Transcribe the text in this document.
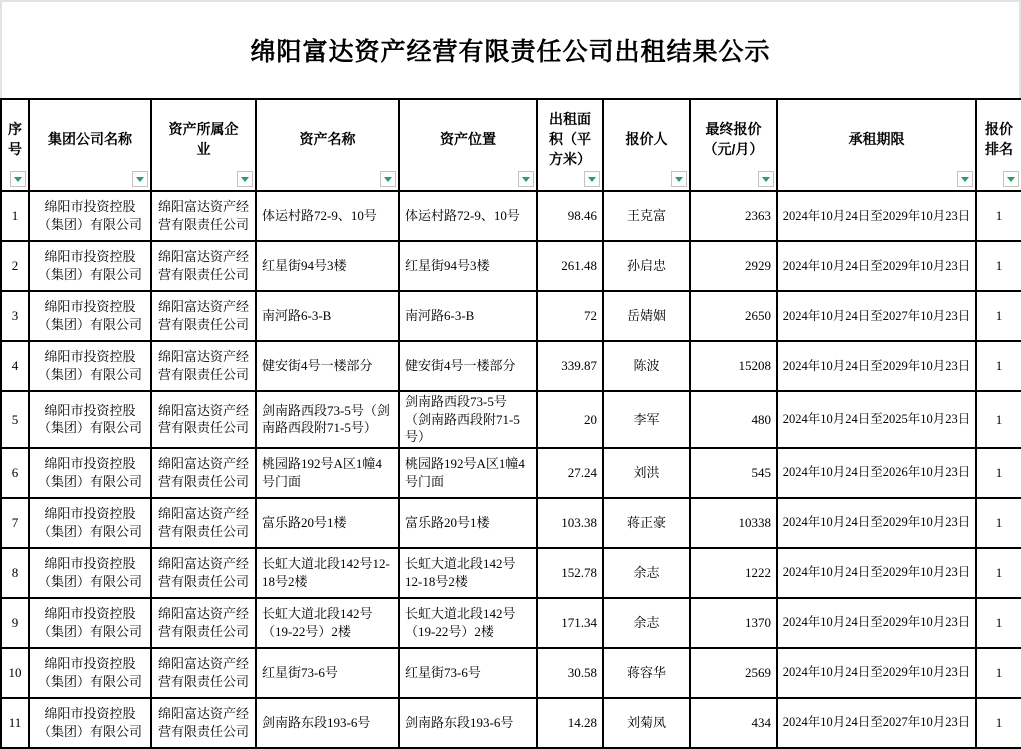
绵阳富达资产经营有限责任公司出租结果公示
序号	集团公司名称	资产所属企业	资产名称	资产位置	出租面积（平方米）	报价人	最终报价（元/月）	承租期限	报价排名

1	绵阳市投资控股（集团）有限公司	绵阳富达资产经营有限责任公司	体运村路72-9、10号	体运村路72-9、10号	98.46	王克富	2363	2024年10月24日至2029年10月23日	1
2	绵阳市投资控股（集团）有限公司	绵阳富达资产经营有限责任公司	红星街94号3楼	红星街94号3楼	261.48	孙启忠	2929	2024年10月24日至2029年10月23日	1
3	绵阳市投资控股（集团）有限公司	绵阳富达资产经营有限责任公司	南河路6-3-B	南河路6-3-B	72	岳婧姻	2650	2024年10月24日至2027年10月23日	1
4	绵阳市投资控股（集团）有限公司	绵阳富达资产经营有限责任公司	健安街4号一楼部分	健安街4号一楼部分	339.87	陈波	15208	2024年10月24日至2029年10月23日	1
5	绵阳市投资控股（集团）有限公司	绵阳富达资产经营有限责任公司	剑南路西段73-5号（剑南路西段附71-5号）	剑南路西段73-5号（剑南路西段附71-5号）	20	李军	480	2024年10月24日至2025年10月23日	1
6	绵阳市投资控股（集团）有限公司	绵阳富达资产经营有限责任公司	桃园路192号A区1幢4号门面	桃园路192号A区1幢4号门面	27.24	刘洪	545	2024年10月24日至2026年10月23日	1
7	绵阳市投资控股（集团）有限公司	绵阳富达资产经营有限责任公司	富乐路20号1楼	富乐路20号1楼	103.38	蒋正豪	10338	2024年10月24日至2029年10月23日	1
8	绵阳市投资控股（集团）有限公司	绵阳富达资产经营有限责任公司	长虹大道北段142号12-18号2楼	长虹大道北段142号12-18号2楼	152.78	余志	1222	2024年10月24日至2029年10月23日	1
9	绵阳市投资控股（集团）有限公司	绵阳富达资产经营有限责任公司	长虹大道北段142号（19-22号）2楼	长虹大道北段142号（19-22号）2楼	171.34	余志	1370	2024年10月24日至2029年10月23日	1
10	绵阳市投资控股（集团）有限公司	绵阳富达资产经营有限责任公司	红星街73-6号	红星街73-6号	30.58	蒋容华	2569	2024年10月24日至2029年10月23日	1
11	绵阳市投资控股（集团）有限公司	绵阳富达资产经营有限责任公司	剑南路东段193-6号	剑南路东段193-6号	14.28	刘菊凤	434	2024年10月24日至2027年10月23日	1
